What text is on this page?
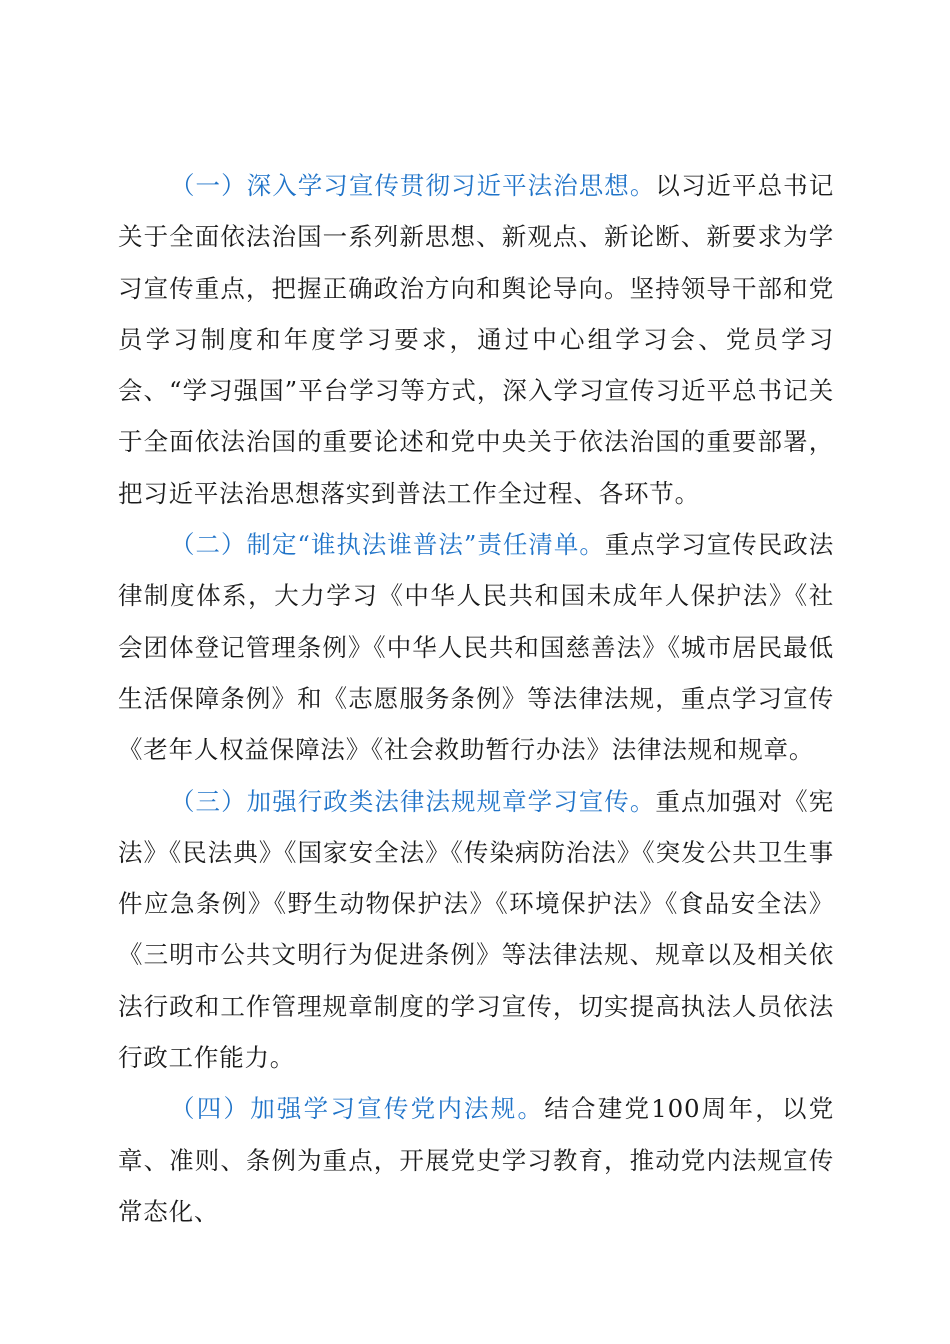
（一）深入学习宣传贯彻习近平法治思想。以习近平总书记关于全面依法治国一系列新思想、新观点、新论断、新要求为学习宣传重点，把握正确政治方向和舆论导向。坚持领导干部和党员学习制度和年度学习要求，通过中心组学习会、党员学习会、“学习强国”平台学习等方式，深入学习宣传习近平总书记关于全面依法治国的重要论述和党中央关于依法治国的重要部署，把习近平法治思想落实到普法工作全过程、各环节。

（二）制定“谁执法谁普法”责任清单。重点学习宣传民政法律制度体系，大力学习《中华人民共和国未成年人保护法》《社会团体登记管理条例》《中华人民共和国慈善法》《城市居民最低生活保障条例》和《志愿服务条例》等法律法规，重点学习宣传《老年人权益保障法》《社会救助暂行办法》法律法规和规章。

（三）加强行政类法律法规规章学习宣传。重点加强对《宪法》《民法典》《国家安全法》《传染病防治法》《突发公共卫生事件应急条例》《野生动物保护法》《环境保护法》《食品安全法》《三明市公共文明行为促进条例》等法律法规、规章以及相关依法行政和工作管理规章制度的学习宣传，切实提高执法人员依法行政工作能力。

（四）加强学习宣传党内法规。结合建党100周年，以党章、准则、条例为重点，开展党史学习教育，推动党内法规宣传常态化、
